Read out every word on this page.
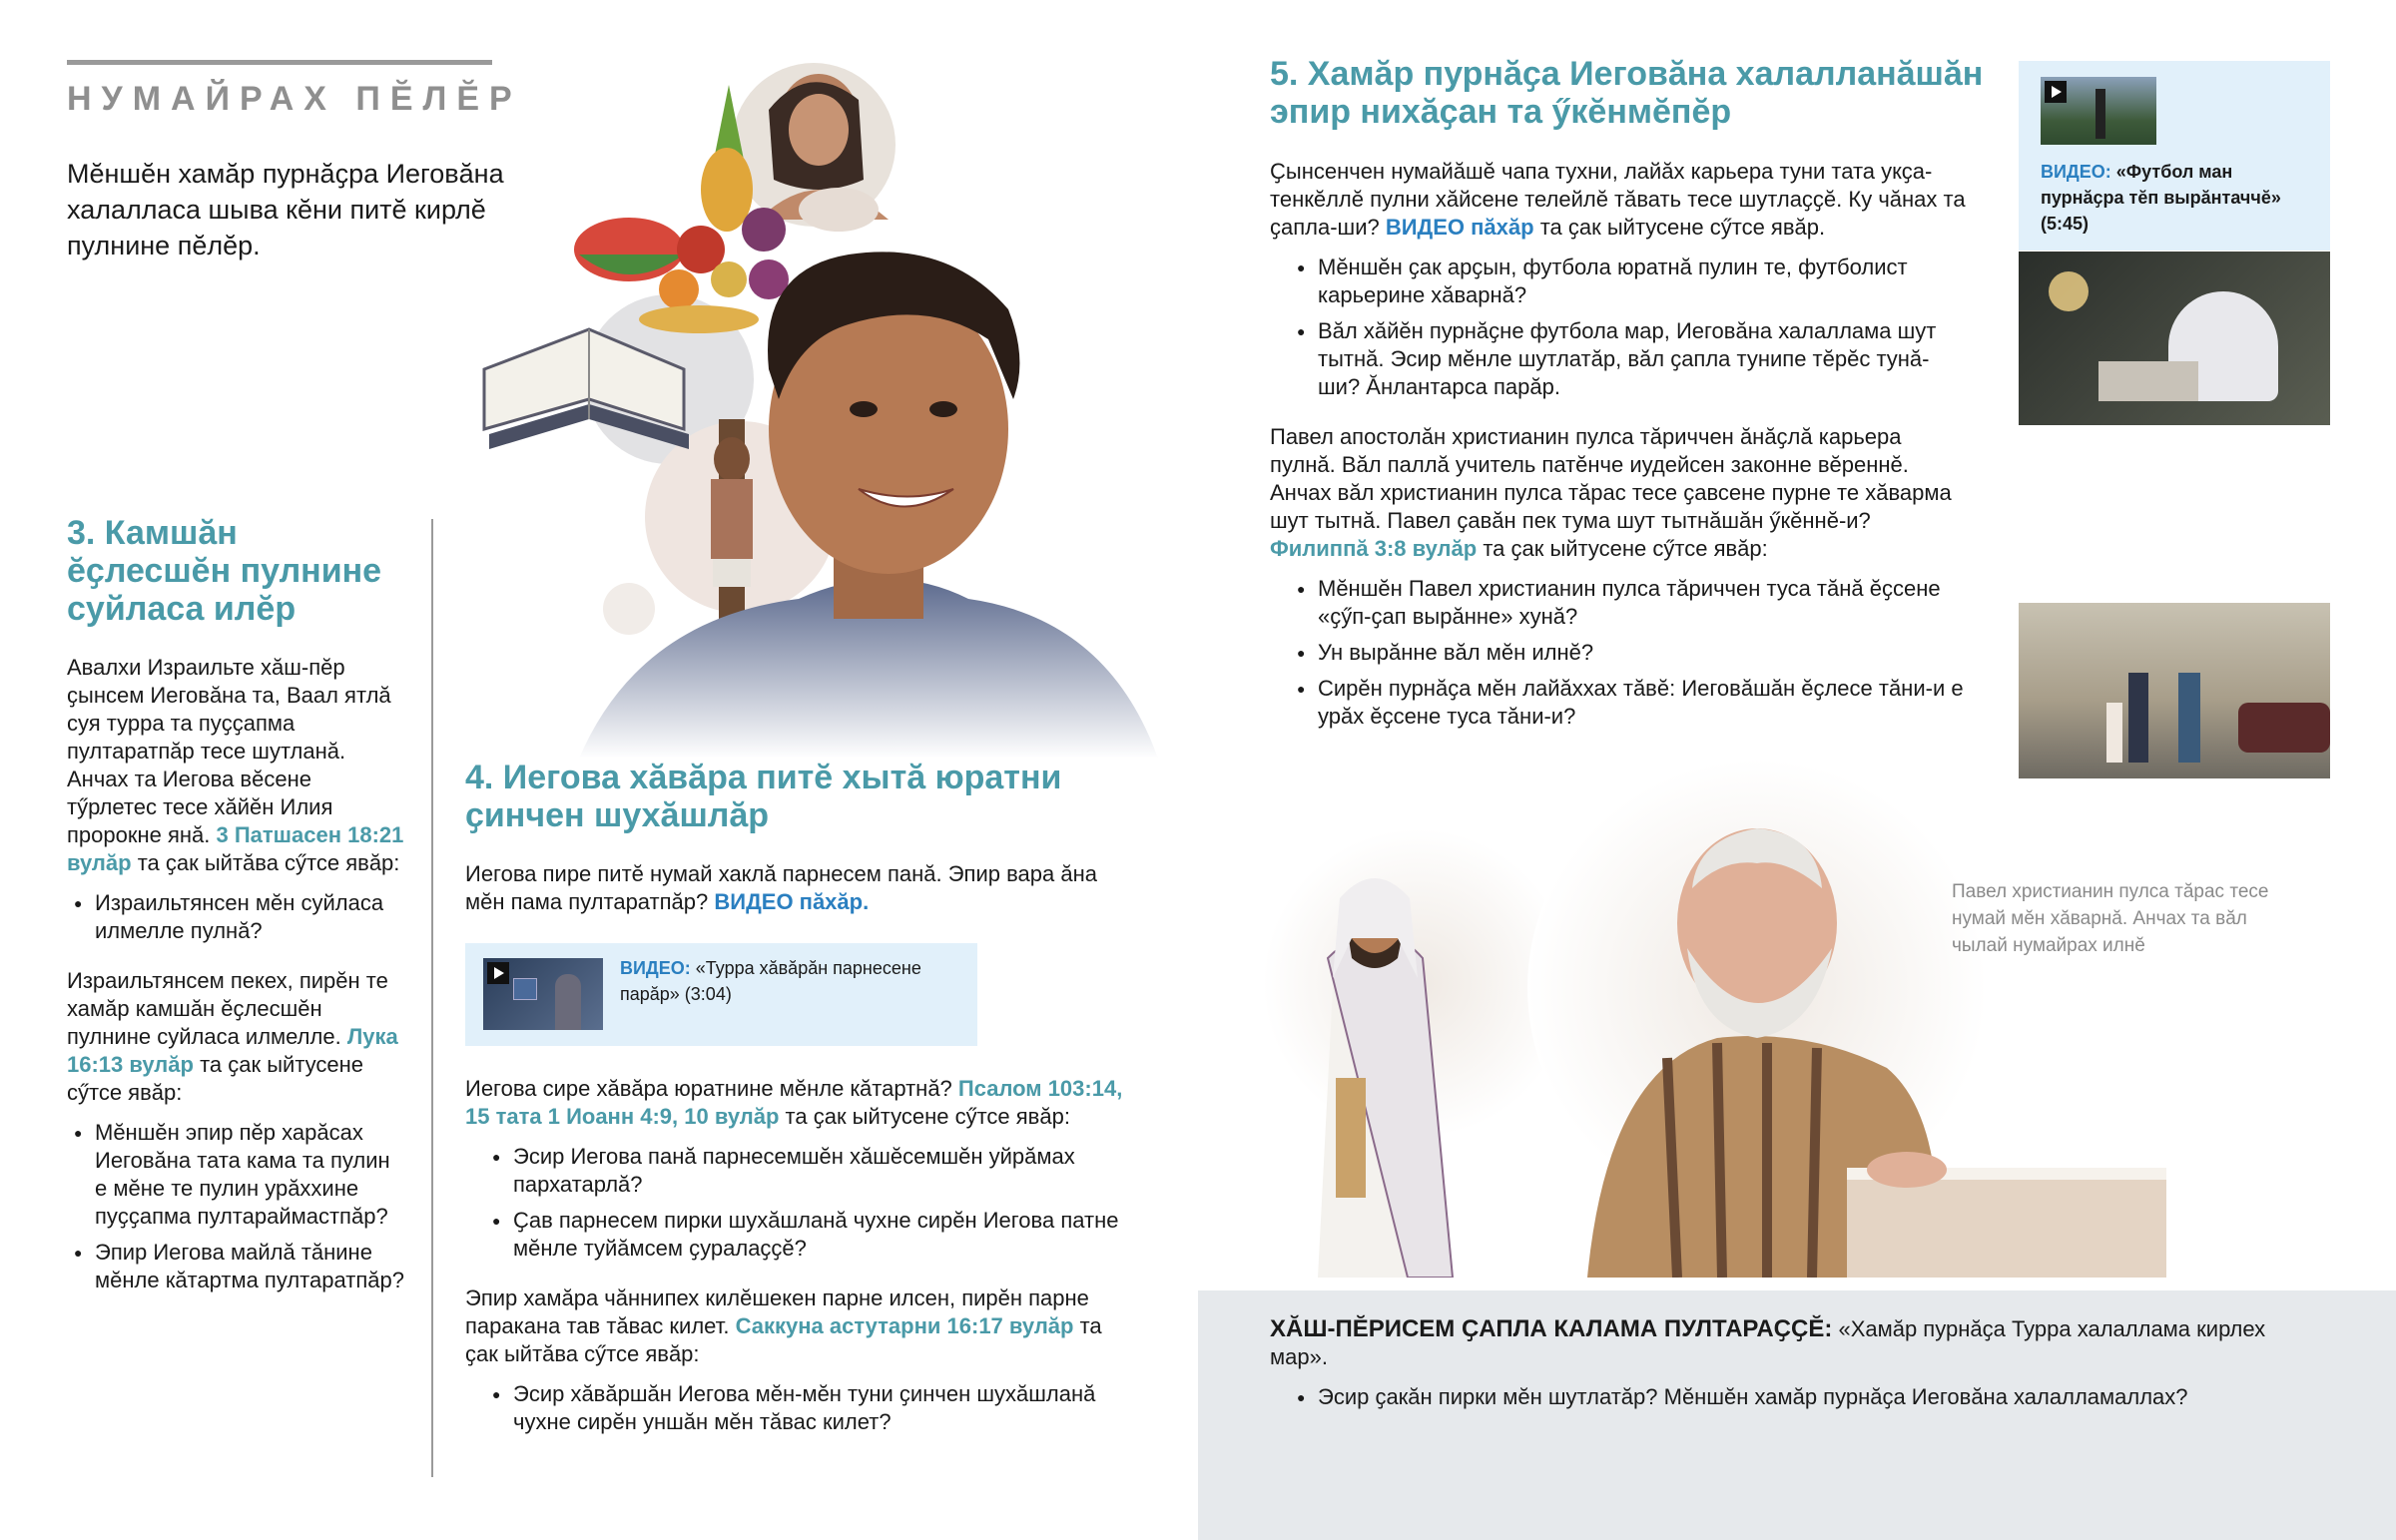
НУМАЙРАХ ПӖЛӖР
Мӗншӗн хамӑр пурнӑҫра Иеговӑна халалласа шыва кӗни питӗ кирлӗ пулнине пӗлӗр.
3. Камшӑн ӗҫлесшӗн пулнине суйласа илӗр

Авалхи Израильте хӑш-пӗр ҫынсем Иеговӑна та, Ваал ятлӑ суя турра та пуҫҫапма пултаратпӑр тесе шутланӑ. Анчах та Иегова вӗсене тӳрлетес тесе хӑйӗн Илия пророкне янӑ. 3 Патшасен 18:21 вулӑр та ҫак ыйтӑва сӳтсе явӑр:

● Израильтянсен мӗн суйласа илмелле пулнӑ?

Израильтянсем пекех, пирӗн те хамӑр камшӑн ӗҫлесшӗн пулнине суйласа илмелле. Лука 16:13 вулӑр та ҫак ыйтусене сӳтсе явӑр:

● Мӗншӗн эпир пӗр харӑсах Иеговӑна тата кама та пулин е мӗне те пулин урӑххине пуҫҫапма пултараймастпӑр?
● Эпир Иегова майлӑ тӑнине мӗнле кӑтартма пултаратпӑр?
4. Иегова хӑвӑра питӗ хытӑ юратни ҫинчен шухӑшлӑр

Иегова пире питӗ нумай хаклӑ парнесем панӑ. Эпир вара ӑна мӗн пама пултаратпӑр? ВИДЕО пӑхӑр.

ВИДЕО: «Турра хӑвӑрӑн парнесене парӑр» (3:04)

Иегова сире хӑвӑра юратнине мӗнле кӑтартнӑ? Псалом 103:14, 15 тата 1 Иоанн 4:9, 10 вулӑр та ҫак ыйтусене сӳтсе явӑр:

● Эсир Иегова панӑ парнесемшӗн хӑшӗсемшӗн уйрӑмах пархатарлӑ?
● Ҫав парнесем пирки шухӑшланӑ чухне сирӗн Иегова патне мӗнле туйӑмсем ҫуралаҫҫӗ?

Эпир хамӑра чӑннипех килӗшекен парне илсен, пирӗн парне паракана тав тӑвас килет. Саккуна астутарни 16:17 вулӑр та ҫак ыйтӑва сӳтсе явӑр:

● Эсир хӑвӑршӑн Иегова мӗн-мӗн туни ҫинчен шухӑшланӑ чухне сирӗн уншӑн мӗн тӑвас килет?
5. Хамӑр пурнӑҫа Иеговӑна халалланӑшӑн эпир нихӑҫан та ӳкӗнмӗпӗр

Ҫынсенчен нумайӑшӗ чапа тухни, лайӑх карьера туни тата укҫа-тенкӗллӗ пулни хӑйсене телейлӗ тӑвать тесе шутлаҫҫӗ. Ку чӑнах та ҫапла-ши? ВИДЕО пӑхӑр та ҫак ыйтусене сӳтсе явӑр.

● Мӗншӗн ҫак арҫын, футбола юратнӑ пулин те, футболист карьерине хӑварнӑ?
● Вӑл хӑйӗн пурнӑҫне футбола мар, Иеговӑна халаллама шут тытнӑ. Эсир мӗнле шутлатӑр, вӑл ҫапла тунипе тӗрӗс тунӑ-ши? Ӑнлантарса парӑр.

Павел апостолӑн христианин пулса тӑриччен ӑнӑҫлӑ карьера пулнӑ. Вӑл паллӑ учитель патӗнче иудейсен законне вӗреннӗ. Анчах вӑл христианин пулса тӑрас тесе ҫавсене пурне те хӑварма шут тытнӑ. Павел ҫавӑн пек тума шут тытнӑшӑн ӳкӗннӗ-и? Филиппӑ 3:8 вулӑр та ҫак ыйтусене сӳтсе явӑр:

● Мӗншӗн Павел христианин пулса тӑриччен туса тӑнӑ ӗҫсене «ҫӳп-ҫап вырӑнне» хунӑ?
● Ун вырӑнне вӑл мӗн илнӗ?
● Сирӗн пурнӑҫа мӗн лайӑххах тӑвӗ: Иеговӑшӑн ӗҫлесе тӑни-и е урӑх ӗҫсене туса тӑни-и?
ВИДЕО: «Футбол ман пурнӑҫра тӗп вырӑнтаччӗ»
(5:45)
Павел христианин пулса тӑрас тесе нумай мӗн хӑварнӑ. Анчах та вӑл чылай нумайрах илнӗ

ХӐШ-ПӖРИСЕМ ҪАПЛА КАЛАМА ПУЛТАРАҪҪӖ: «Хамӑр пурнӑҫа Турра халаллама кирлех мар».

● Эсир ҫакӑн пирки мӗн шутлатӑр? Мӗншӗн хамӑр пурнӑҫа Иеговӑна халалламаллах?
